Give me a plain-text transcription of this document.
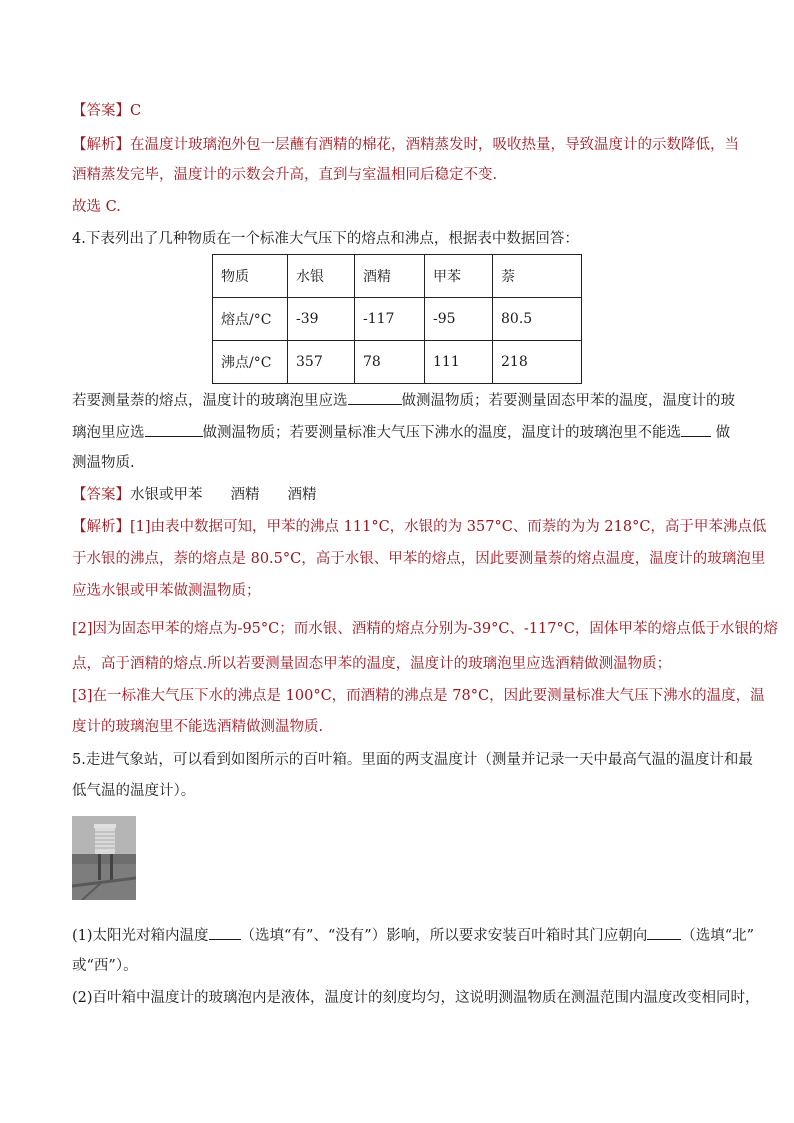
【答案】C
【解析】在温度计玻璃泡外包一层蘸有酒精的棉花，酒精蒸发时，吸收热量，导致温度计的示数降低，当
酒精蒸发完毕，温度计的示数会升高，直到与室温相同后稳定不变.
故选 C.
4.下表列出了几种物质在一个标准大气压下的熔点和沸点，根据表中数据回答：
物质	水银	酒精	甲苯	萘
熔点/°C	-39	-117	-95	80.5
沸点/°C	357	78	111	218
若要测量萘的熔点，温度计的玻璃泡里应选	做测温物质；若要测量固态甲苯的温度，温度计的玻
璃泡里应选	做测温物质；若要测量标准大气压下沸水的温度，温度计的玻璃泡里不能选 做
测温物质.
【答案】水银或甲苯 酒精 酒精
【解析】[1]由表中数据可知，甲苯的沸点 111°C，水银的为 357°C、而萘的为为 218°C，高于甲苯沸点低
于水银的沸点，萘的熔点是 80.5°C，高于水银、甲苯的熔点，因此要测量萘的熔点温度，温度计的玻璃泡里
应选水银或甲苯做测温物质；
[2]因为固态甲苯的熔点为-95°C；而水银、酒精的熔点分别为-39°C、-117°C，固体甲苯的熔点低于水银的熔
点，高于酒精的熔点.所以若要测量固态甲苯的温度，温度计的玻璃泡里应选酒精做测温物质；
[3]在一标准大气压下水的沸点是 100°C，而酒精的沸点是 78°C，因此要测量标准大气压下沸水的温度，温
度计的玻璃泡里不能选酒精做测温物质.
5.走进气象站，可以看到如图所示的百叶箱。里面的两支温度计（测量并记录一天中最高气温的温度计和最
低气温的温度计）。
(1)太阳光对箱内温度 （选填“有”、“没有”）影响，所以要求安装百叶箱时其门应朝向 （选填“北”
或“西”）。
(2)百叶箱中温度计的玻璃泡内是液体，温度计的刻度均匀，这说明测温物质在测温范围内温度改变相同时，
